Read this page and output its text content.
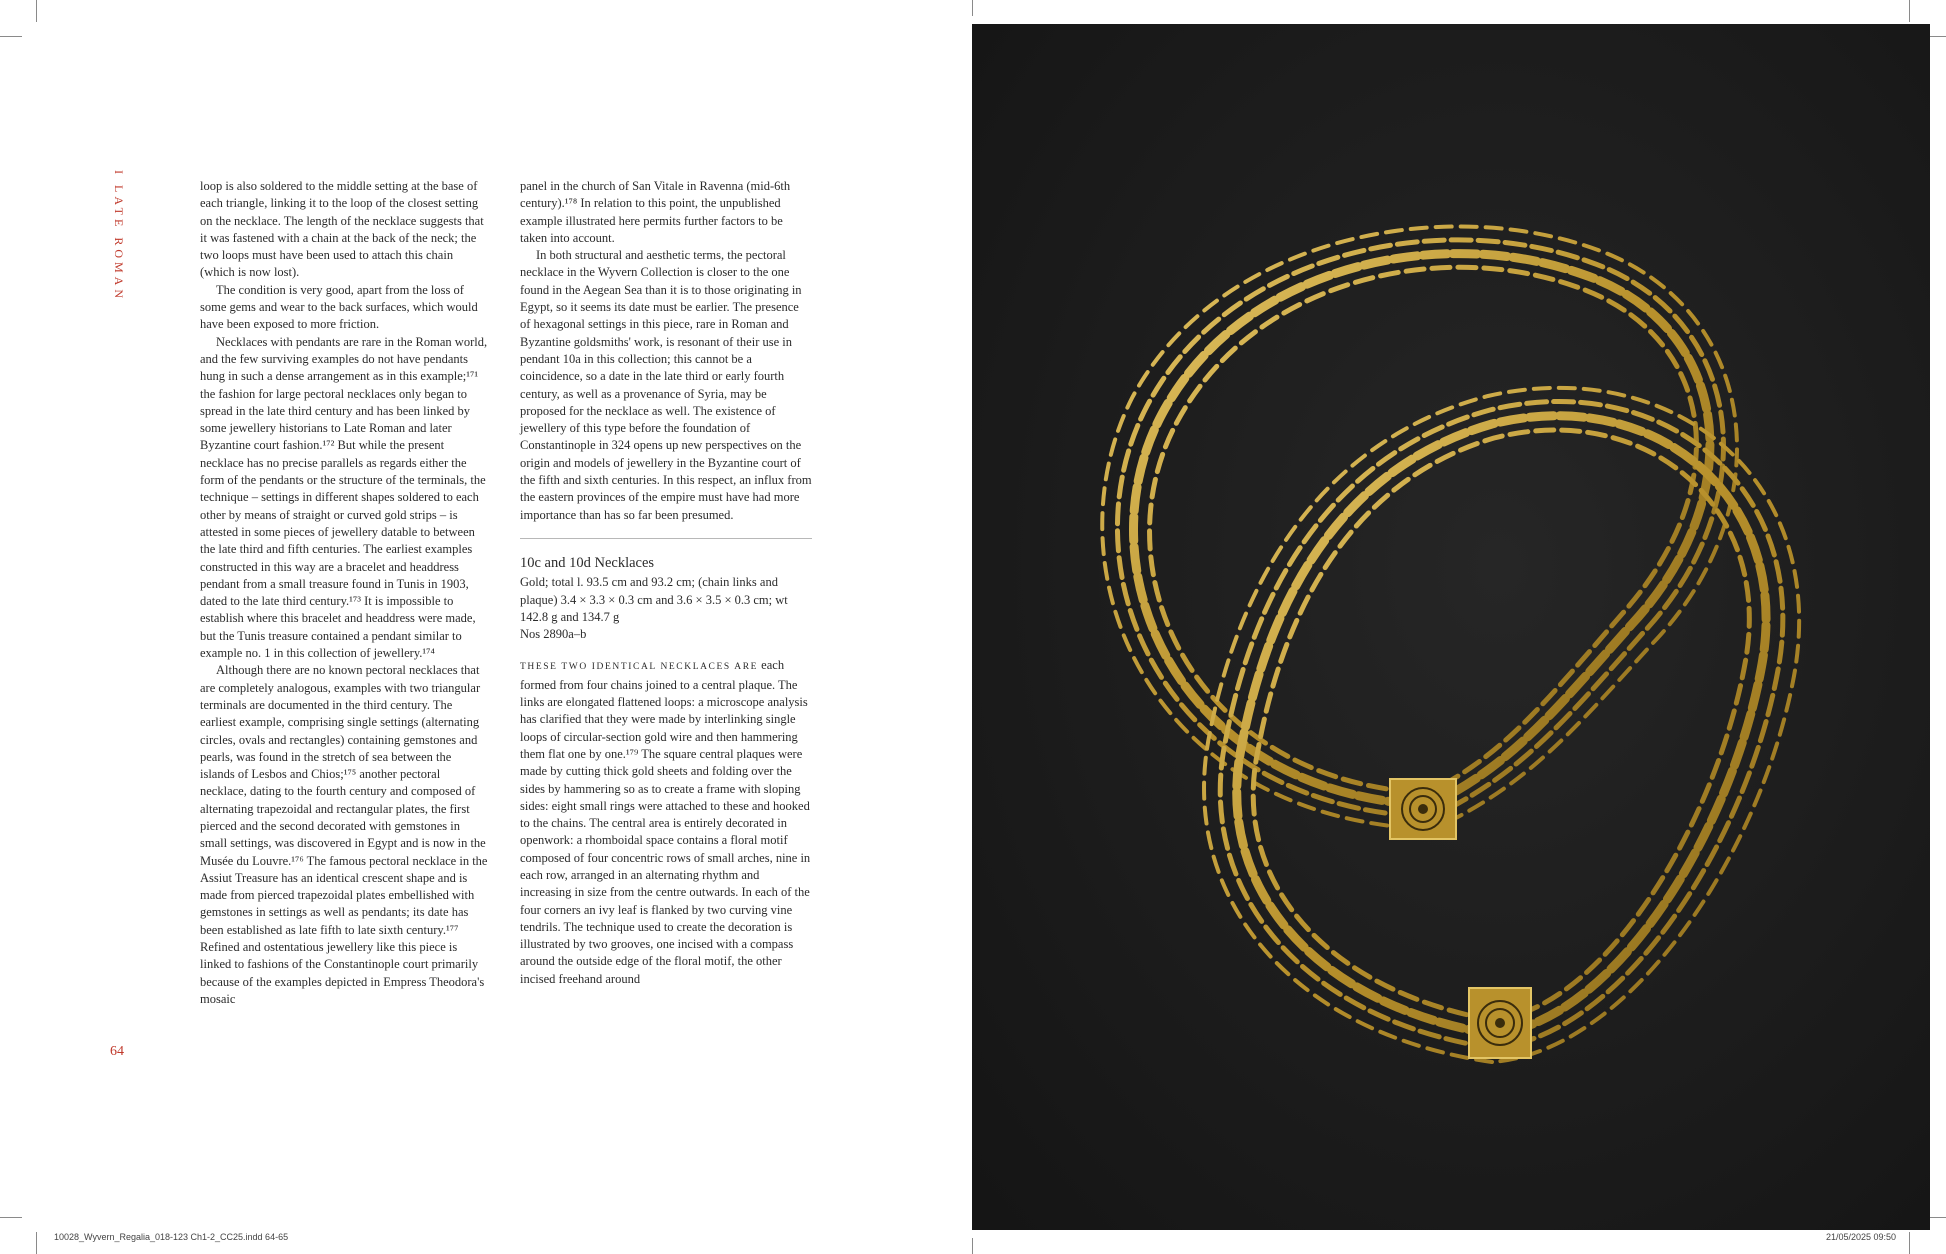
I LATE ROMAN
64

loop is also soldered to the middle setting at the base of each triangle, linking it to the loop of the closest setting on the necklace. The length of the necklace suggests that it was fastened with a chain at the back of the neck; the two loops must have been used to attach this chain (which is now lost).

The condition is very good, apart from the loss of some gems and wear to the back surfaces, which would have been exposed to more friction.

Necklaces with pendants are rare in the Roman world, and the few surviving examples do not have pendants hung in such a dense arrangement as in this example;¹⁷¹ the fashion for large pectoral necklaces only began to spread in the late third century and has been linked by some jewellery historians to Late Roman and later Byzantine court fashion.¹⁷² But while the present necklace has no precise parallels as regards either the form of the pendants or the structure of the terminals, the technique – settings in different shapes soldered to each other by means of straight or curved gold strips – is attested in some pieces of jewellery datable to between the late third and fifth centuries. The earliest examples constructed in this way are a bracelet and headdress pendant from a small treasure found in Tunis in 1903, dated to the late third century.¹⁷³ It is impossible to establish where this bracelet and headdress were made, but the Tunis treasure contained a pendant similar to example no. 1 in this collection of jewellery.¹⁷⁴

Although there are no known pectoral necklaces that are completely analogous, examples with two triangular terminals are documented in the third century. The earliest example, comprising single settings (alternating circles, ovals and rectangles) containing gemstones and pearls, was found in the stretch of sea between the islands of Lesbos and Chios;¹⁷⁵ another pectoral necklace, dating to the fourth century and composed of alternating trapezoidal and rectangular plates, the first pierced and the second decorated with gemstones in small settings, was discovered in Egypt and is now in the Musée du Louvre.¹⁷⁶ The famous pectoral necklace in the Assiut Treasure has an identical crescent shape and is made from pierced trapezoidal plates embellished with gemstones in settings as well as pendants; its date has been established as late fifth to late sixth century.¹⁷⁷ Refined and ostentatious jewellery like this piece is linked to fashions of the Constantinople court primarily because of the examples depicted in Empress Theodora's mosaic

panel in the church of San Vitale in Ravenna (mid-6th century).¹⁷⁸ In relation to this point, the unpublished example illustrated here permits further factors to be taken into account.

In both structural and aesthetic terms, the pectoral necklace in the Wyvern Collection is closer to the one found in the Aegean Sea than it is to those originating in Egypt, so it seems its date must be earlier. The presence of hexagonal settings in this piece, rare in Roman and Byzantine goldsmiths' work, is resonant of their use in pendant 10a in this collection; this cannot be a coincidence, so a date in the late third or early fourth century, as well as a provenance of Syria, may be proposed for the necklace as well. The existence of jewellery of this type before the foundation of Constantinople in 324 opens up new perspectives on the origin and models of jewellery in the Byzantine court of the fifth and sixth centuries. In this respect, an influx from the eastern provinces of the empire must have had more importance than has so far been presumed.

10c and 10d Necklaces
Gold; total l. 93.5 cm and 93.2 cm; (chain links and plaque) 3.4 × 3.3 × 0.3 cm and 3.6 × 3.5 × 0.3 cm; wt 142.8 g and 134.7 g
Nos 2890a–b

THESE TWO IDENTICAL NECKLACES ARE each formed from four chains joined to a central plaque. The links are elongated flattened loops: a microscope analysis has clarified that they were made by interlinking single loops of circular-section gold wire and then hammering them flat one by one.¹⁷⁹ The square central plaques were made by cutting thick gold sheets and folding over the sides by hammering so as to create a frame with sloping sides: eight small rings were attached to these and hooked to the chains. The central area is entirely decorated in openwork: a rhomboidal space contains a floral motif composed of four concentric rows of small arches, nine in each row, arranged in an alternating rhythm and increasing in size from the centre outwards. In each of the four corners an ivy leaf is flanked by two curving vine tendrils. The technique used to create the decoration is illustrated by two grooves, one incised with a compass around the outside edge of the floral motif, the other incised freehand around

10028_Wyvern_Regalia_018-123 Ch1-2_CC25.indd 64-65	21/05/2025 09:50
